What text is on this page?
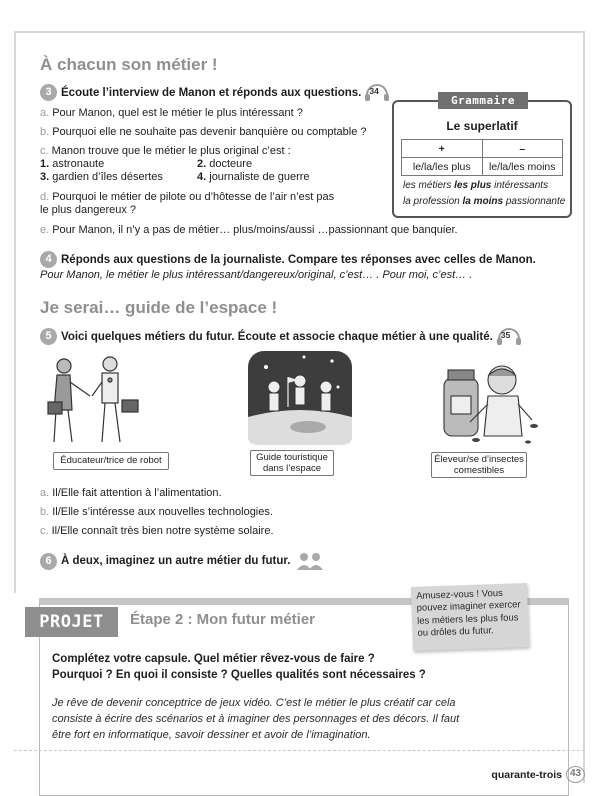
À chacun son métier !
3 Écoute l’interview de Manon et réponds aux questions. 34
a. Pour Manon, quel est le métier le plus intéressant ?
b. Pourquoi elle ne souhaite pas devenir banquière ou comptable ?
c. Manon trouve que le métier le plus original c’est :
1. astronaute	2. docteure
3. gardien d’îles désertes	4. journaliste de guerre
d. Pourquoi le métier de pilote ou d’hôtesse de l’air n’est pas
le plus dangereux ?
e. Pour Manon, il n’y a pas de métier… plus/moins/aussi …passionnant que banquier.
Grammaire
Le superlatif
+	–
le/la/les plus	le/la/les moins
les métiers les plus intéressants
la profession la moins passionnante
4 Réponds aux questions de la journaliste. Compare tes réponses avec celles de Manon.
Pour Manon, le métier le plus intéressant/dangereux/original, c’est… . Pour moi, c’est… .
Je serai… guide de l’espace !
5 Voici quelques métiers du futur. Écoute et associe chaque métier à une qualité. 35
Éducateur/trice de robot	Guide touristique dans l’espace
Éleveur/se d’insectes comestibles
a. Il/Elle fait attention à l’alimentation.
b. Il/Elle s’intéresse aux nouvelles technologies.
c. Il/Elle connaît très bien notre système solaire.
6 À deux, imaginez un autre métier du futur.
PROJET	Étape 2 : Mon futur métier
Amusez-vous ! Vous pouvez imaginer exercer les métiers les plus fous ou drôles du futur.
Complétez votre capsule. Quel métier rêvez-vous de faire ?
Pourquoi ? En quoi il consiste ? Quelles qualités sont nécessaires ?
Je rêve de devenir conceptrice de jeux vidéo. C’est le métier le plus créatif car cela
consiste à écrire des scénarios et à imaginer des personnages et des décors. Il faut
être fort en informatique, savoir dessiner et avoir de l’imagination.
quarante-trois 43
